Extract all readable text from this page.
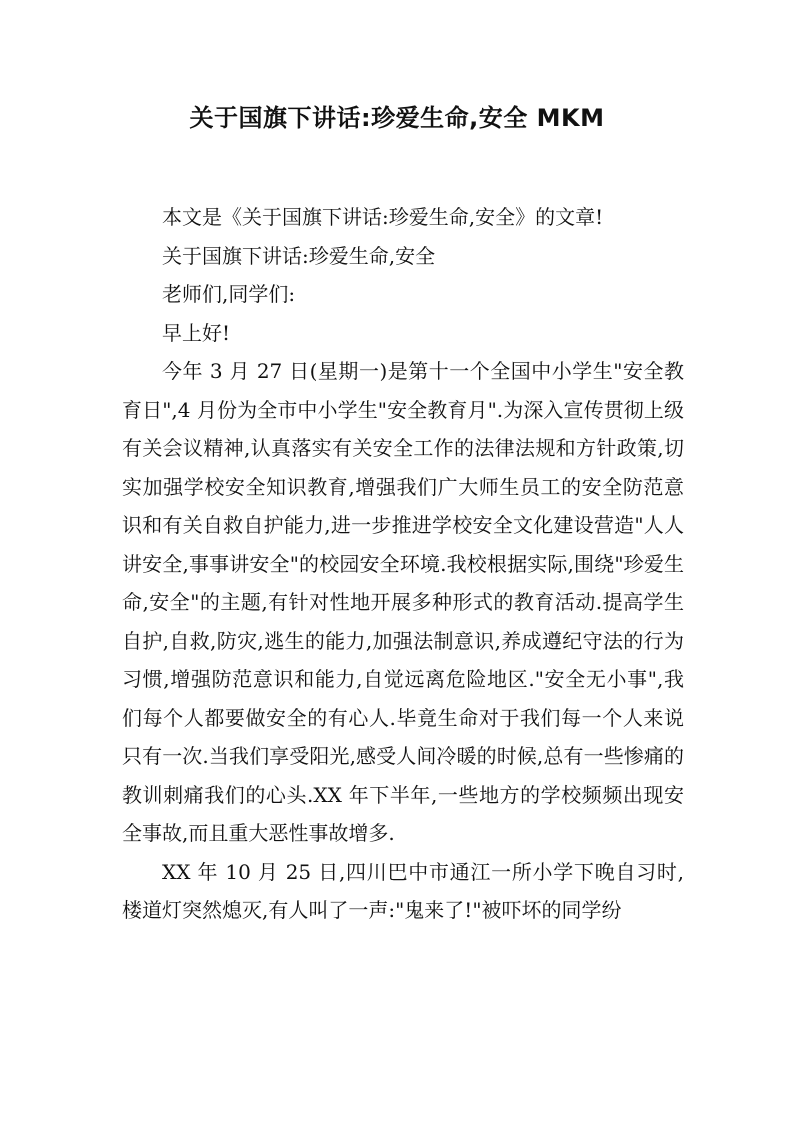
关于国旗下讲话:珍爱生命,安全 MKM

本文是《关于国旗下讲话:珍爱生命,安全》的文章!

关于国旗下讲话:珍爱生命,安全

老师们,同学们:

早上好!

今年 3 月 27 日(星期一)是第十一个全国中小学生"安全教育日",4 月份为全市中小学生"安全教育月".为深入宣传贯彻上级有关会议精神,认真落实有关安全工作的法律法规和方针政策,切实加强学校安全知识教育,增强我们广大师生员工的安全防范意识和有关自救自护能力,进一步推进学校安全文化建设营造"人人讲安全,事事讲安全"的校园安全环境.我校根据实际,围绕"珍爱生命,安全"的主题,有针对性地开展多种形式的教育活动.提高学生自护,自救,防灾,逃生的能力,加强法制意识,养成遵纪守法的行为习惯,增强防范意识和能力,自觉远离危险地区."安全无小事",我们每个人都要做安全的有心人.毕竟生命对于我们每一个人来说只有一次.当我们享受阳光,感受人间冷暖的时候,总有一些惨痛的教训刺痛我们的心头.XX 年下半年,一些地方的学校频频出现安全事故,而且重大恶性事故增多.

XX 年 10 月 25 日,四川巴中市通江一所小学下晚自习时,楼道灯突然熄灭,有人叫了一声:"鬼来了!"被吓坏的同学纷
